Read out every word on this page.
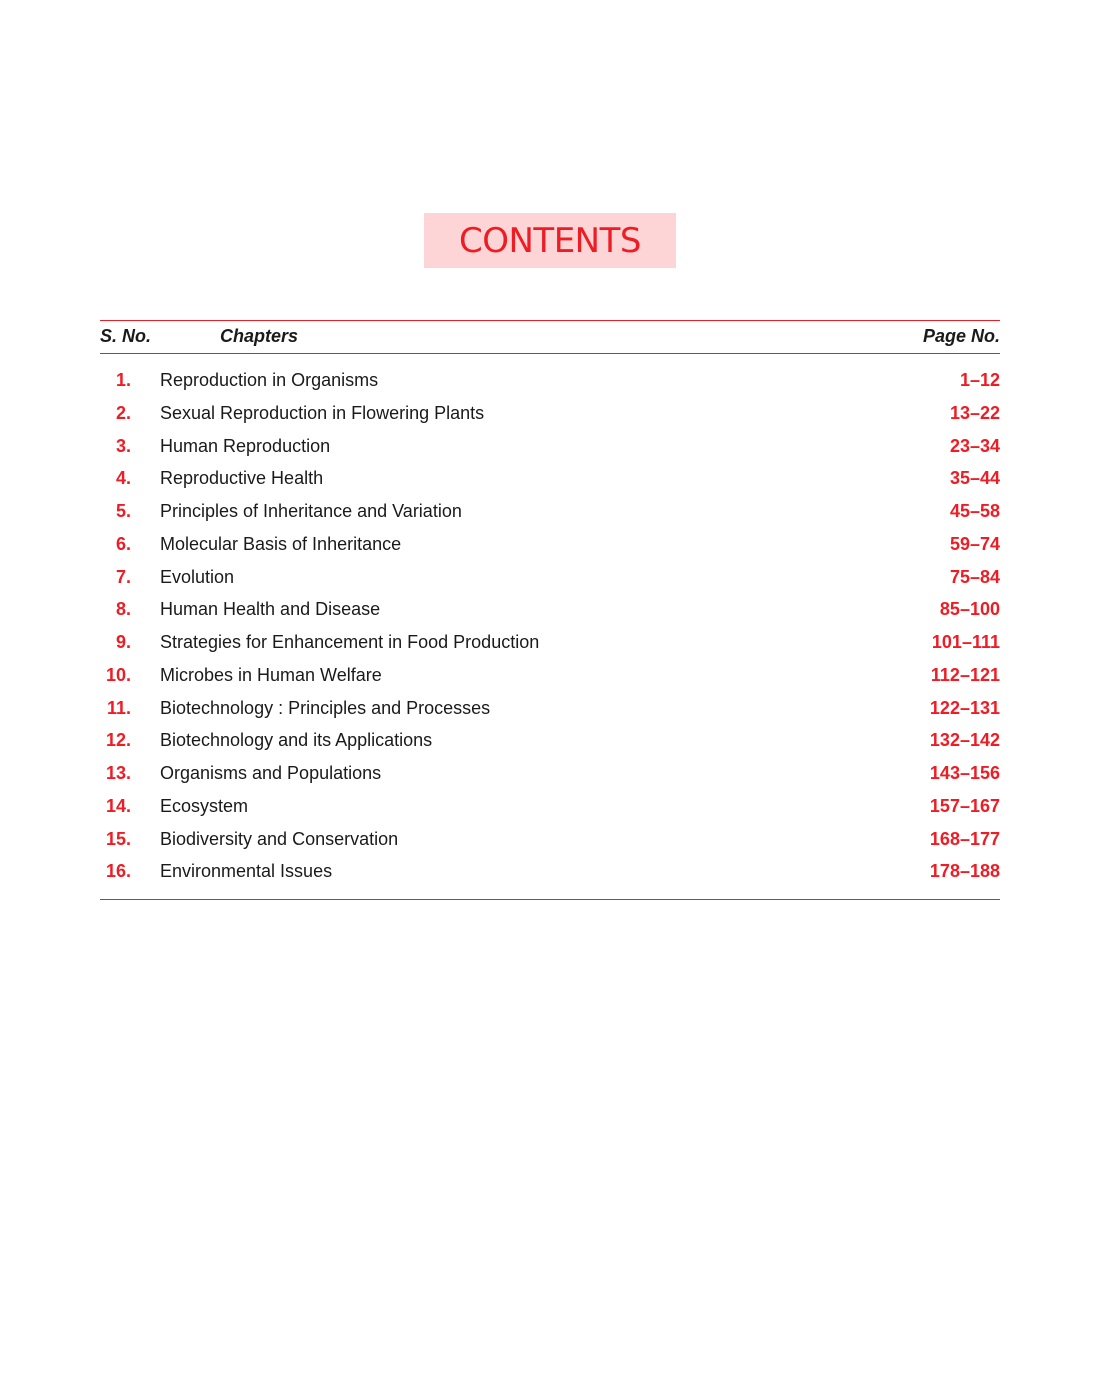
CONTENTS
S. No.	Chapters	Page No.
1. Reproduction in Organisms	1–12
2. Sexual Reproduction in Flowering Plants	13–22
3. Human Reproduction	23–34
4. Reproductive Health	35–44
5. Principles of Inheritance and Variation	45–58
6. Molecular Basis of Inheritance	59–74
7. Evolution	75–84
8. Human Health and Disease	85–100
9. Strategies for Enhancement in Food Production	101–111
10. Microbes in Human Welfare	112–121
11. Biotechnology : Principles and Processes	122–131
12. Biotechnology and its Applications	132–142
13. Organisms and Populations	143–156
14. Ecosystem	157–167
15. Biodiversity and Conservation	168–177
16. Environmental Issues	178–188
